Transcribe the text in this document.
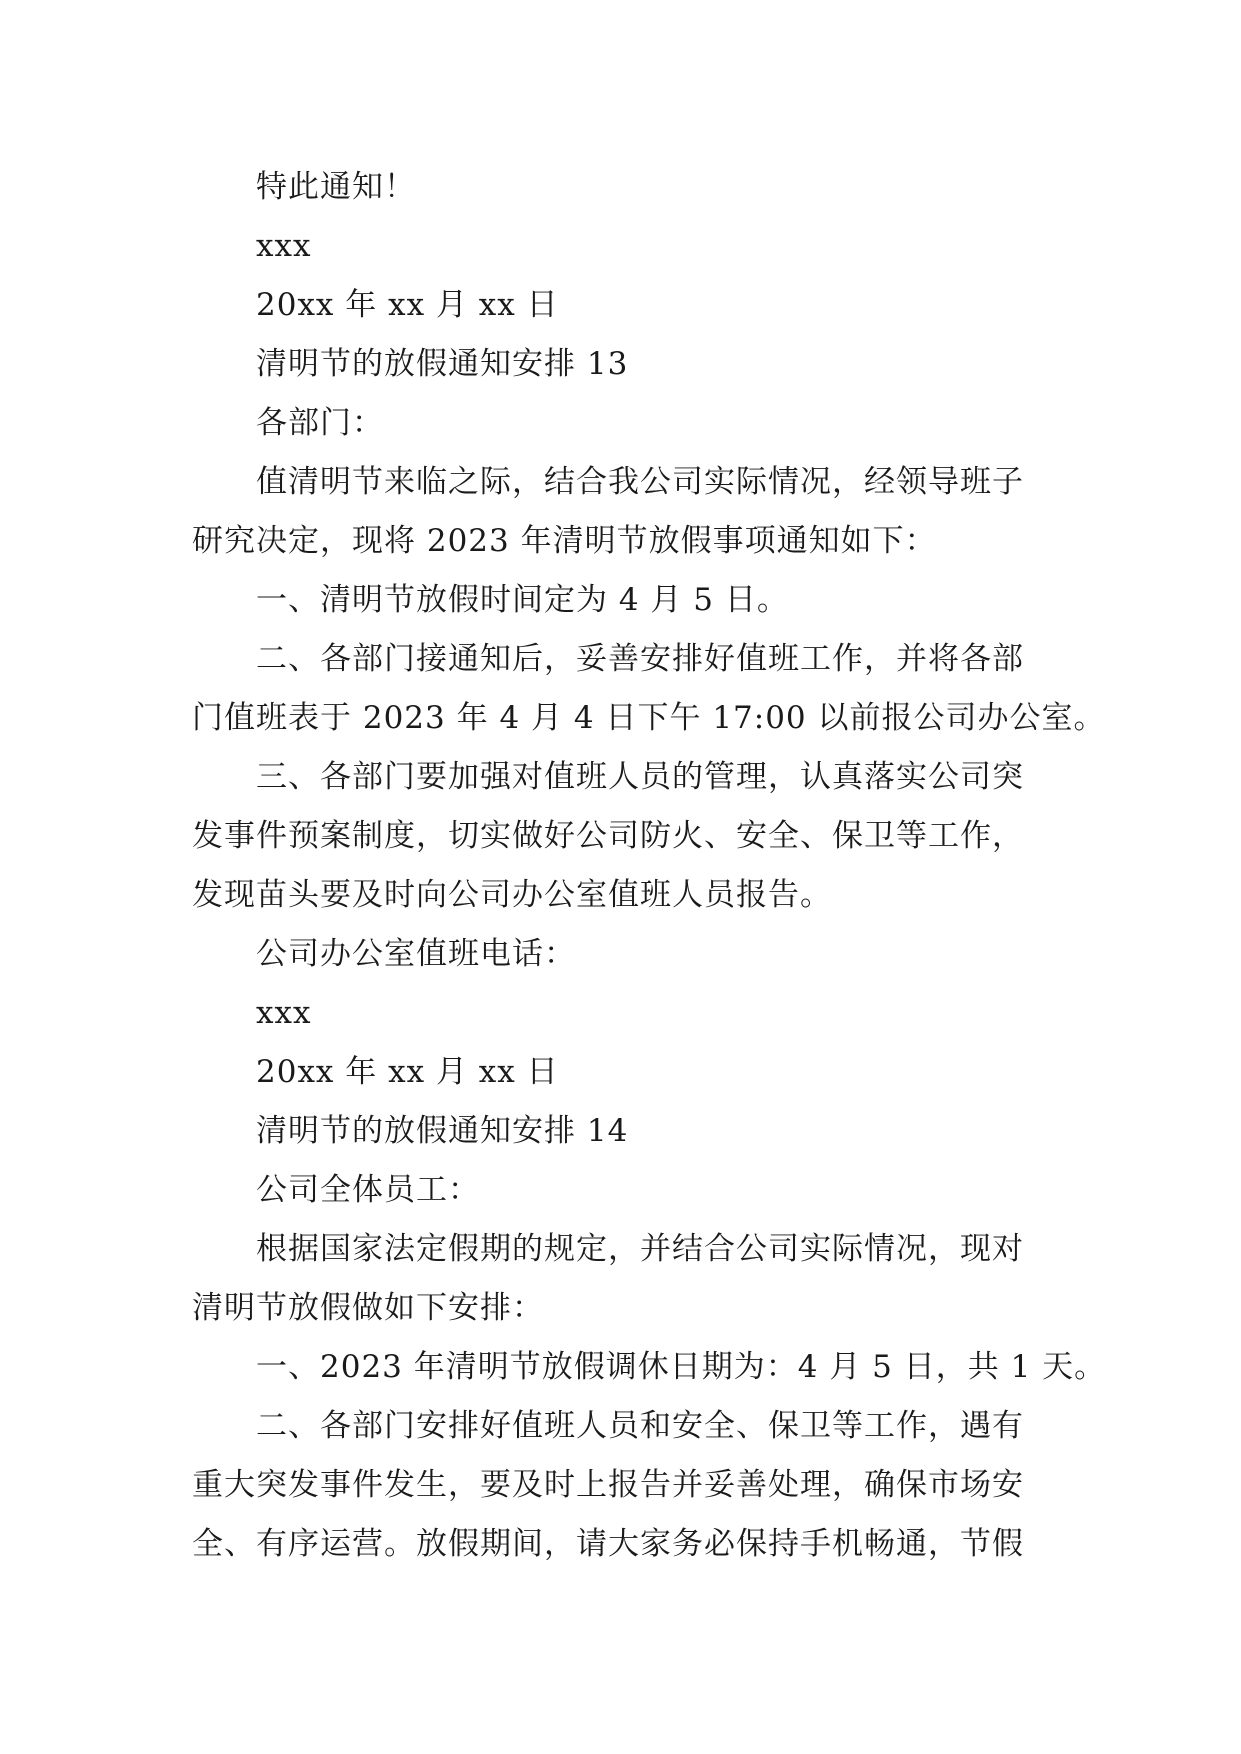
特此通知！
xxx
20xx 年 xx 月 xx 日
清明节的放假通知安排 13
各部门：
值清明节来临之际，结合我公司实际情况，经领导班子
研究决定，现将 2023 年清明节放假事项通知如下：
一、清明节放假时间定为 4 月 5 日。
二、各部门接通知后，妥善安排好值班工作，并将各部
门值班表于 2023 年 4 月 4 日下午 17:00 以前报公司办公室。
三、各部门要加强对值班人员的管理，认真落实公司突
发事件预案制度，切实做好公司防火、安全、保卫等工作，
发现苗头要及时向公司办公室值班人员报告。
公司办公室值班电话：
xxx
20xx 年 xx 月 xx 日
清明节的放假通知安排 14
公司全体员工：
根据国家法定假期的规定，并结合公司实际情况，现对
清明节放假做如下安排：
一、2023 年清明节放假调休日期为：4 月 5 日，共 1 天。
二、各部门安排好值班人员和安全、保卫等工作，遇有
重大突发事件发生，要及时上报告并妥善处理，确保市场安
全、有序运营。放假期间，请大家务必保持手机畅通，节假
